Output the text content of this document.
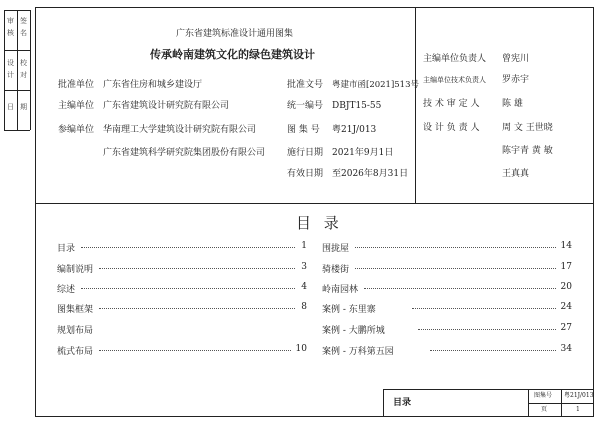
审
核
签
名
设
计
校
对
日 期
广东省建筑标准设计通用图集
传承岭南建筑文化的绿色建筑设计
批准单位 广东省住房和城乡建设厅
主编单位 广东省建筑设计研究院有限公司
参编单位 华南理工大学建筑设计研究院有限公司
广东省建筑科学研究院集团股份有限公司
批准文号 粤建市函[2021]513号
统一编号 DBJT15-55
图 集 号 粤21J/013
施行日期 2021年9月1日
有效日期 至2026年8月31日
主编单位负责人 曾宪川
主编单位技术负责人 罗赤宇
技 术 审 定 人	陈 雄
设 计 负 责 人	周 文 王世晓
陈宇青 黄 敏
王真真
目 录
目录	1
编制说明	3
综述	4
图集框架	8
规划布局
梳式布局	10
围拢屋	14
骑楼街	17
岭南园林	20
案例 - 东里寨	24
案例 - 大鹏所城	27
案例 - 万科第五园	34
目录
图集号 粤21J/013
页	1
